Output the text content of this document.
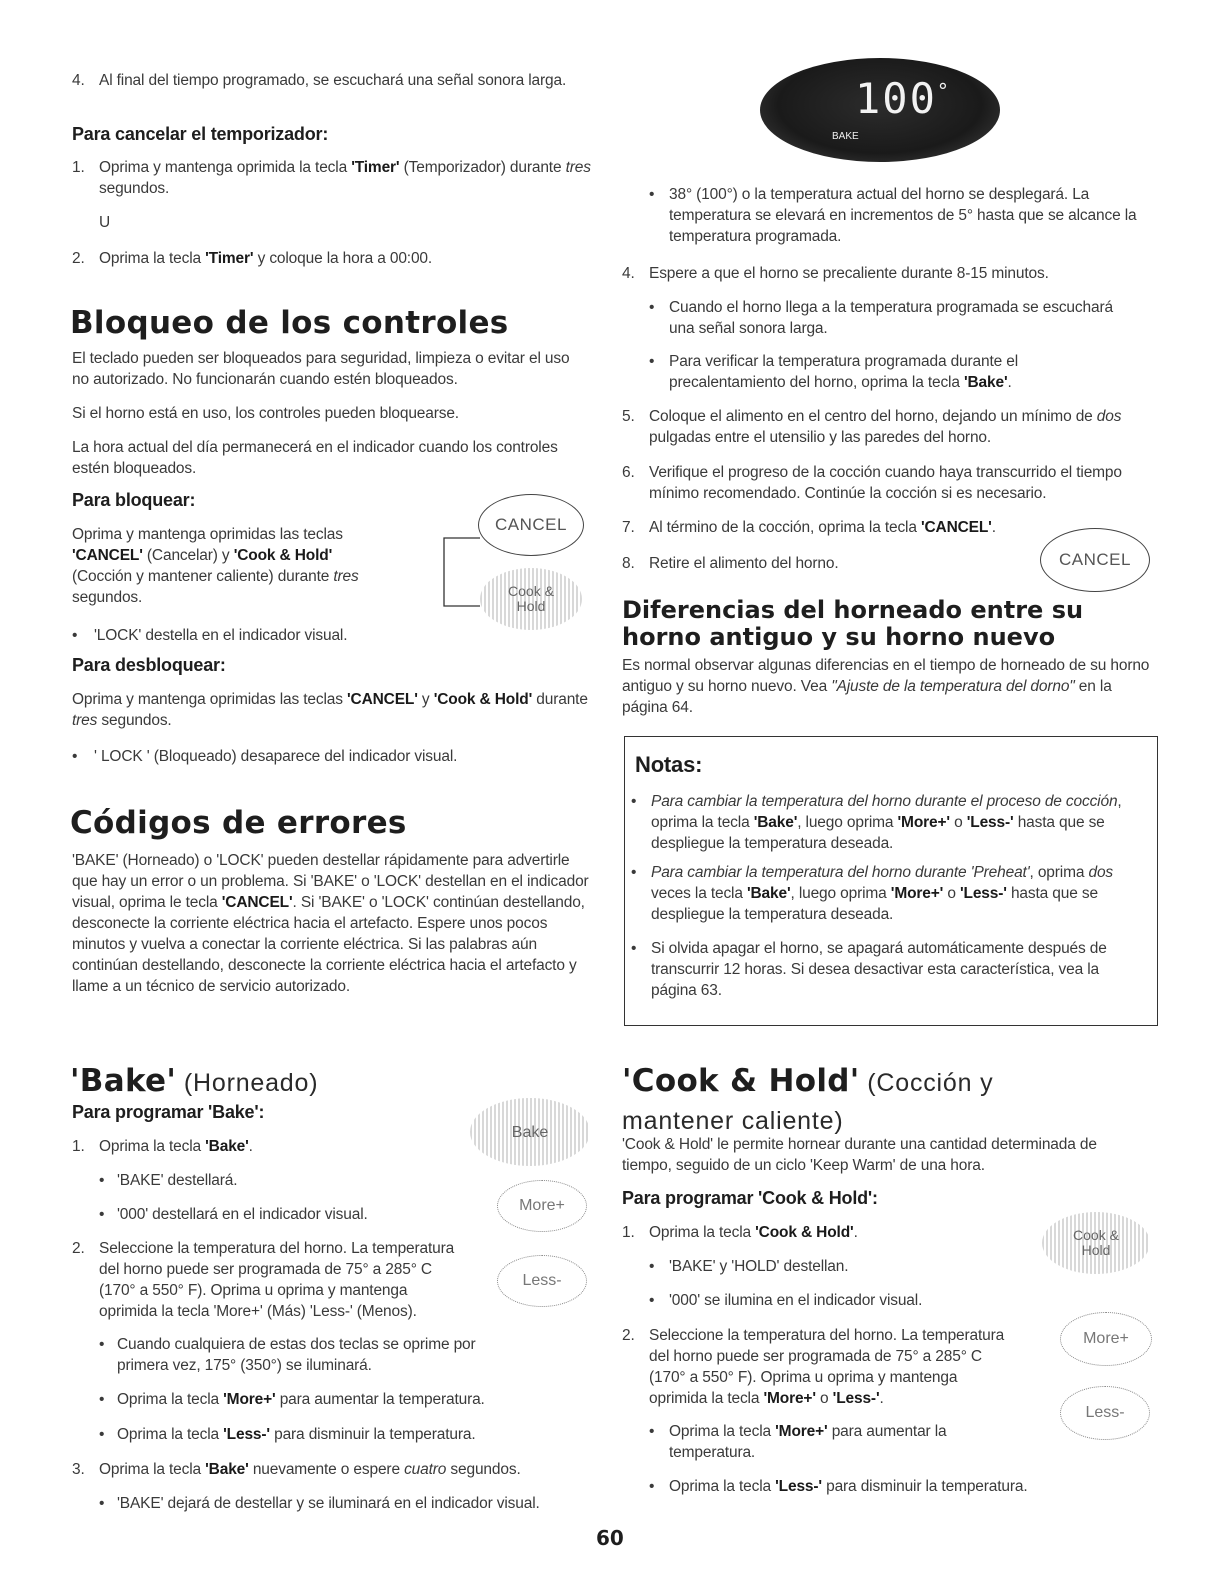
4. Al final del tiempo programado, se escuchará una señal sonora larga.
Para cancelar el temporizador:
1. Oprima y mantenga oprimida la tecla 'Timer' (Temporizador) durante tres segundos.
U
2. Oprima la tecla 'Timer' y coloque la hora a 00:00.
Bloqueo de los controles
El teclado pueden ser bloqueados para seguridad, limpieza o evitar el uso no autorizado. No funcionarán cuando estén bloqueados.
Si el horno está en uso, los controles pueden bloquearse.
La hora actual del día permanecerá en el indicador cuando los controles estén bloqueados.
Para bloquear:
Oprima y mantenga oprimidas las teclas
'CANCEL' (Cancelar) y 'Cook & Hold'
(Cocción y mantener caliente) durante tres
segundos.
CANCEL
Cook &
Hold
• 'LOCK' destella en el indicador visual.
Para desbloquear:
Oprima y mantenga oprimidas las teclas 'CANCEL' y 'Cook & Hold' durante tres segundos.
• ' LOCK ' (Bloqueado) desaparece del indicador visual.
Códigos de errores
'BAKE' (Horneado) o 'LOCK' pueden destellar rápidamente para advertirle que hay un error o un problema. Si 'BAKE' o 'LOCK' destellan en el indicador visual, oprima le tecla 'CANCEL'. Si 'BAKE' o 'LOCK' continúan destellando, desconecte la corriente eléctrica hacia el artefacto. Espere unos pocos minutos y vuelva a conectar la corriente eléctrica. Si las palabras aún continúan destellando, desconecte la corriente eléctrica hacia el artefacto y llame a un técnico de servicio autorizado.
'Bake' (Horneado)
Para programar 'Bake':
Bake
More+
Less-
1. Oprima la tecla 'Bake'.
• 'BAKE' destellará.
• '000' destellará en el indicador visual.
2. Seleccione la temperatura del horno. La temperatura
del horno puede ser programada de 75° a 285° C
(170° a 550° F). Oprima u oprima y mantenga
oprimida la tecla 'More+' (Más) 'Less-' (Menos).
• Cuando cualquiera de estas dos teclas se oprime por primera vez, 175° (350°) se iluminará.
• Oprima la tecla 'More+' para aumentar la temperatura.
• Oprima la tecla 'Less-' para disminuir la temperatura.
3. Oprima la tecla 'Bake' nuevamente o espere cuatro segundos.
• 'BAKE' dejará de destellar y se iluminará en el indicador visual.
100°
BAKE
• 38° (100°) o la temperatura actual del horno se desplegará. La temperatura se elevará en incrementos de 5° hasta que se alcance la temperatura programada.
4. Espere a que el horno se precaliente durante 8-15 minutos.
• Cuando el horno llega a la temperatura programada se escuchará una señal sonora larga.
• Para verificar la temperatura programada durante el precalentamiento del horno, oprima la tecla 'Bake'.
5. Coloque el alimento en el centro del horno, dejando un mínimo de dos pulgadas entre el utensilio y las paredes del horno.
6. Verifique el progreso de la cocción cuando haya transcurrido el tiempo mínimo recomendado. Continúe la cocción si es necesario.
7. Al término de la cocción, oprima la tecla 'CANCEL'.
8. Retire el alimento del horno.	CANCEL
Diferencias del horneado entre su horno antiguo y su horno nuevo
Es normal observar algunas diferencias en el tiempo de horneado de su horno antiguo y su horno nuevo. Vea "Ajuste de la temperatura del dorno" en la página 64.
Notas:
• Para cambiar la temperatura del horno durante el proceso de cocción, oprima la tecla 'Bake', luego oprima 'More+' o 'Less-' hasta que se despliegue la temperatura deseada.
• Para cambiar la temperatura del horno durante 'Preheat', oprima dos veces la tecla 'Bake', luego oprima 'More+' o 'Less-' hasta que se despliegue la temperatura deseada.
• Si olvida apagar el horno, se apagará automáticamente después de transcurrir 12 horas. Si desea desactivar esta característica, vea la página 63.
'Cook & Hold' (Cocción y
mantener caliente)
'Cook & Hold' le permite hornear durante una cantidad determinada de tiempo, seguido de un ciclo 'Keep Warm' de una hora.
Para programar 'Cook & Hold':
Cook &
Hold
More+
Less-
1. Oprima la tecla 'Cook & Hold'.
• 'BAKE' y 'HOLD' destellan.
• '000' se ilumina en el indicador visual.
2. Seleccione la temperatura del horno. La temperatura
del horno puede ser programada de 75° a 285° C
(170° a 550° F). Oprima u oprima y mantenga
oprimida la tecla 'More+' o 'Less-'.
• Oprima la tecla 'More+' para aumentar la temperatura.
• Oprima la tecla 'Less-' para disminuir la temperatura.
60
